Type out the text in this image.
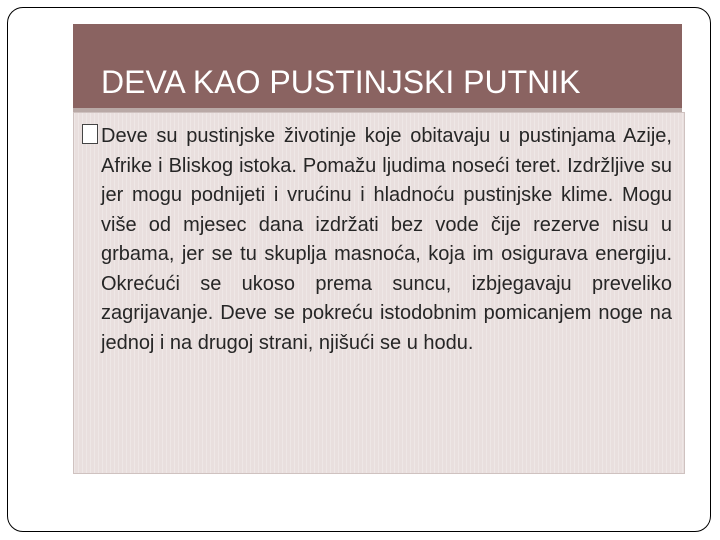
DEVA KAO PUSTINJSKI PUTNIK
Deve su pustinjske životinje koje obitavaju u pustinjama Azije, Afrike i Bliskog istoka. Pomažu ljudima noseći teret. Izdržljive su jer mogu podnijeti i vrućinu i hladnoću pustinjske klime. Mogu više od mjesec dana izdržati bez vode čije rezerve nisu u grbama, jer se tu skuplja masnoća, koja im osigurava energiju. Okrećući se ukoso prema suncu, izbjegavaju preveliko zagrijavanje. Deve se pokreću istodobnim pomicanjem noge na jednoj i na drugoj strani, njišući se u hodu.
